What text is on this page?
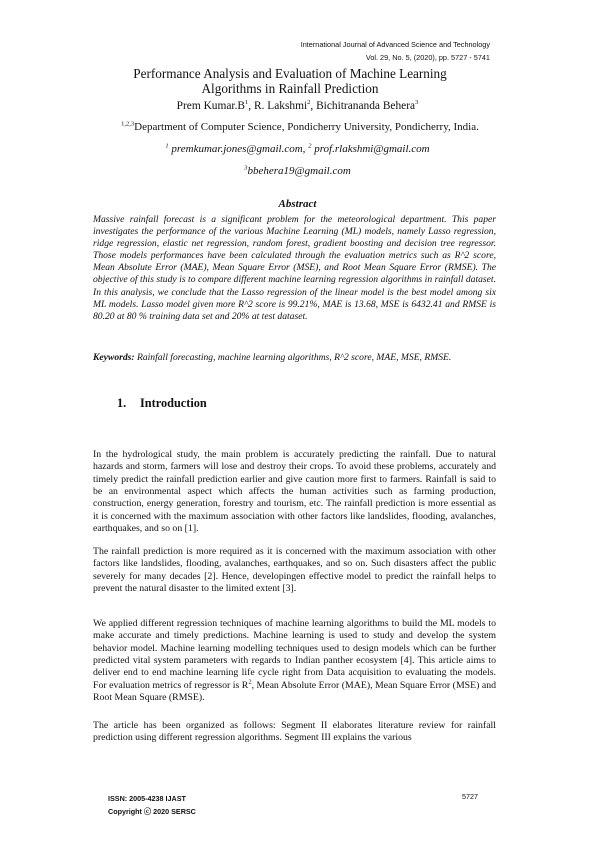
International Journal of Advanced Science and Technology
Vol. 29, No. 5, (2020), pp. 5727 - 5741
Performance Analysis and Evaluation of Machine Learning
Algorithms in Rainfall Prediction
Prem $Kumar.B^1$, R. Lakshmi$^2$, Bichitrananda Behera$^3$
$^{1,2,3}$Department of Computer Science, Pondicherry University, Pondicherry, India.
$^1$ premkumar.jones@gmail.com, $^2$ prof.rlakshmi@gmail.com
$^3$bbehera19@gmail.com
Abstract

Massive rainfall forecast is a significant problem for the meteorological department. This paper investigates the performance of the various Machine Learning (ML) models, namely Lasso regression, ridge regression, elastic net regression, random forest, gradient boosting and decision tree regressor. Those models performances have been calculated through the evaluation metrics such as R^2 score, Mean Absolute Error (MAE), Mean Square Error (MSE), and Root Mean Square Error (RMSE). The objective of this study is to compare different machine learning regression algorithms in rainfall dataset. In this analysis, we conclude that the Lasso regression of the linear model is the best model among six ML models. Lasso model given more R^2 score is 99.21%, MAE is 13.68, MSE is 6432.41 and RMSE is 80.20 at 80 % training data set and 20% at test dataset.

Keywords: Rainfall forecasting, machine learning algorithms, R^2 score, MAE, MSE, RMSE.

1. Introduction

In the hydrological study, the main problem is accurately predicting the rainfall. Due to natural hazards and storm, farmers will lose and destroy their crops. To avoid these problems, accurately and timely predict the rainfall prediction earlier and give caution more first to farmers. Rainfall is said to be an environmental aspect which affects the human activities such as farming production, construction, energy generation, forestry and tourism, etc. The rainfall prediction is more essential as it is concerned with the maximum association with other factors like landslides, flooding, avalanches, earthquakes, and so on [1].

The rainfall prediction is more required as it is concerned with the maximum association with other factors like landslides, flooding, avalanches, earthquakes, and so on. Such disasters affect the public severely for many decades [2]. Hence, developingen effective model to predict the rainfall helps to prevent the natural disaster to the limited extent [3].

We applied different regression techniques of machine learning algorithms to build the ML models to make accurate and timely predictions. Machine learning is used to study and develop the system behavior model. Machine learning modelling techniques used to design models which can be further predicted vital system parameters with regards to Indian panther ecosystem [4]. This article aims to deliver end to end machine learning life cycle right from Data acquisition to evaluating the models. For evaluation metrics of regressor is $R^2$, Mean Absolute Error (MAE), Mean Square Error (MSE) and Root Mean Square (RMSE).

The article has been organized as follows: Segment II elaborates literature review for rainfall prediction using different regression algorithms. Segment III explains the various

ISSN: 2005-4238 IJAST
Copyright ⓒ 2020 SERSC
5727
